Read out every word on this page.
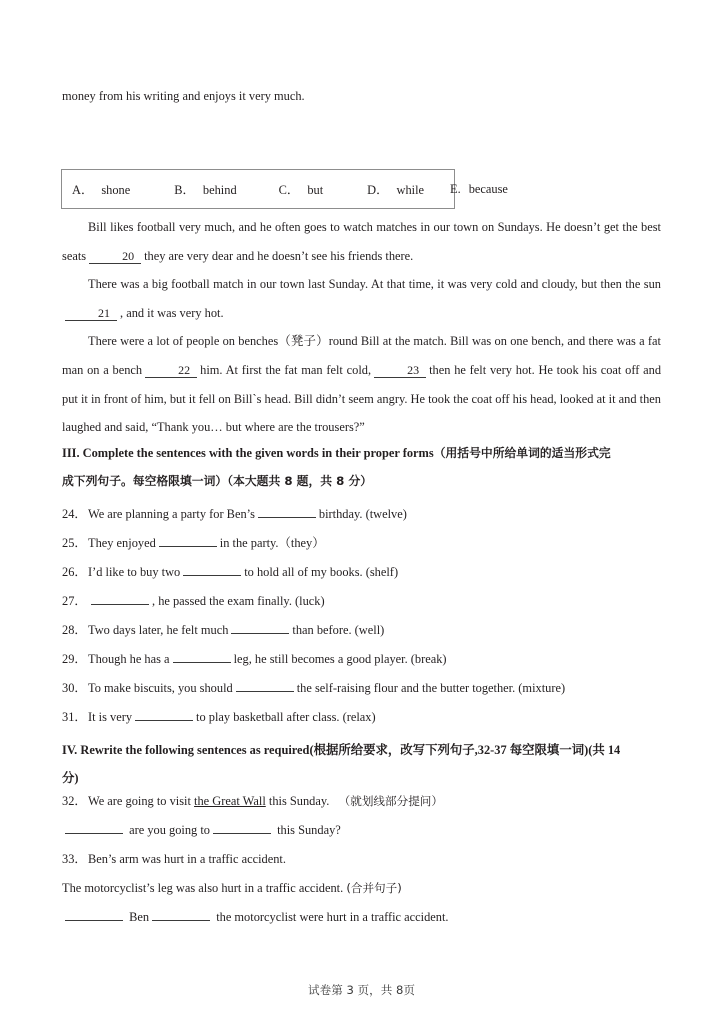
money from his writing and enjoys it very much.
A． shone	B． behind	C． but	D． while E. because

Bill likes football very much, and he often goes to watch matches in our town on Sundays. He doesn’t get the best seats	20 they are very dear and he doesn’t see his friends there.

There was a big football match in our town last Sunday. At that time, it was very cold and cloudy, but then the sun21 , and it was very hot.

There were a lot of people on benches（凳子）round Bill at the match. Bill was on one bench, and there was a fat man on a bench	22 him. At first the fat man felt cold,	23 then he felt very hot. He took his coat off and put it in front of him, but it fell on Bill`s head. Bill didn’t seem angry. He took the coat off his head, looked at it and then laughed and said, “Thank you… but where are the trousers?”

III. Complete the sentences with the given words in their proper forms（用括号中所给单词的适当形式完
成下列句子。每空格限填一词）（本大题共 8 题，共 8 分）
24．We are planning a party for Ben’s	birthday. (twelve)
25．They enjoyed	in the party.（they）
26．I’d like to buy two	to hold all of my books. (shelf)
27．	, he passed the exam finally. (luck)
28．Two days later, he felt much	than before. (well)
29．Though he has a	leg, he still becomes a good player. (break)
30．To make biscuits, you should	the self-raising flour and the butter together. (mixture)
31．It is very	to play basketball after class. (relax)
IV. Rewrite the following sentences as required(根据所给要求，改写下列句子,32-37 每空限填一词)(共 14
分)
32．We are going to visit the Great Wall this Sunday. （就划线部分提问）
are you going to	this Sunday?
33．Ben’s arm was hurt in a traffic accident.
The motorcyclist’s leg was also hurt in a traffic accident. (合并句子)
Ben	the motorcyclist were hurt in a traffic accident.
试卷第 3 页，共 8页
